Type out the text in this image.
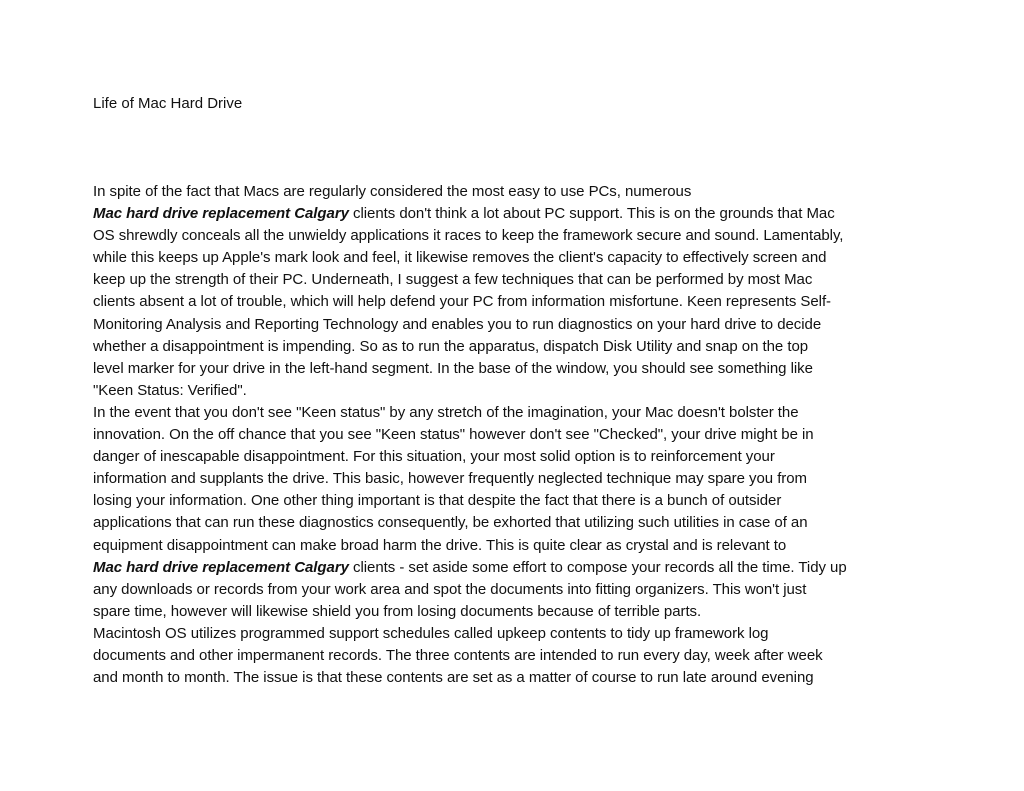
Life of Mac Hard Drive
In spite of the fact that Macs are regularly considered the most easy to use PCs, numerous
Mac hard drive replacement Calgary clients don't think a lot about PC support. This is on the grounds that Mac
OS shrewdly conceals all the unwieldy applications it races to keep the framework secure and sound. Lamentably,
while this keeps up Apple's mark look and feel, it likewise removes the client's capacity to effectively screen and
keep up the strength of their PC. Underneath, I suggest a few techniques that can be performed by most Mac
clients absent a lot of trouble, which will help defend your PC from information misfortune. Keen represents Self-
Monitoring Analysis and Reporting Technology and enables you to run diagnostics on your hard drive to decide
whether a disappointment is impending. So as to run the apparatus, dispatch Disk Utility and snap on the top
level marker for your drive in the left-hand segment. In the base of the window, you should see something like
"Keen Status: Verified".
In the event that you don't see "Keen status" by any stretch of the imagination, your Mac doesn't bolster the
innovation. On the off chance that you see "Keen status" however don't see "Checked", your drive might be in
danger of inescapable disappointment. For this situation, your most solid option is to reinforcement your
information and supplants the drive. This basic, however frequently neglected technique may spare you from
losing your information. One other thing important is that despite the fact that there is a bunch of outsider
applications that can run these diagnostics consequently, be exhorted that utilizing such utilities in case of an
equipment disappointment can make broad harm the drive. This is quite clear as crystal and is relevant to
Mac hard drive replacement Calgary clients - set aside some effort to compose your records all the time. Tidy up
any downloads or records from your work area and spot the documents into fitting organizers. This won't just
spare time, however will likewise shield you from losing documents because of terrible parts.
Macintosh OS utilizes programmed support schedules called upkeep contents to tidy up framework log
documents and other impermanent records. The three contents are intended to run every day, week after week
and month to month. The issue is that these contents are set as a matter of course to run late around evening
